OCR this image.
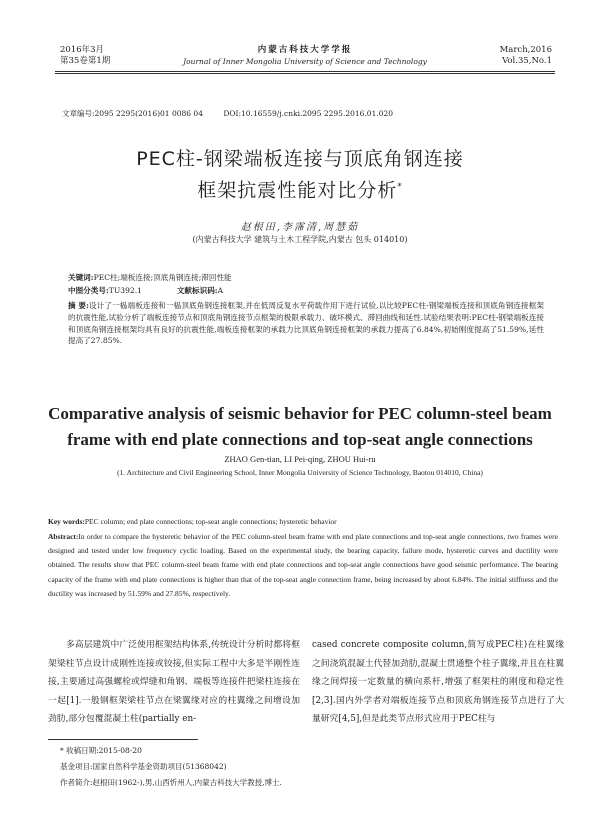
2016年3月
第35卷第1期
内蒙古科技大学学报
Journal of Inner Mongolia University of Science and Technology
March,2016
Vol.35,No.1
文章编号:2095 2295(2016)01 0086 04	DOI:10.16559/j.cnki.2095 2295.2016.01.020
PEC柱-钢梁端板连接与顶底角钢连接
框架抗震性能对比分析*
赵根田,李霈清,周慧茹
(内蒙古科技大学 建筑与土木工程学院,内蒙古 包头 014010)
摘 要:设计了一榀端板连接和一榀顶底角钢连接框架,并在低周反复水平荷载作用下进行试验,以比较PEC柱-钢梁端板连接和顶底角钢连接框架的抗震性能,试验分析了端板连接节点和顶底角钢连接节点框架的极限承载力、破坏模式、滞回曲线和延性.试验结果表明:PEC柱-钢梁端板连接和顶底角钢连接框架均具有良好的抗震性能,端板连接框架的承载力比顶底角钢连接框架的承载力提高了6.84%,初始刚度提高了51.59%,延性提高了27.85%.
关键词:PEC柱;端板连接;顶底角钢连接;滞回性能
中图分类号:TU392.1	文献标识码:A
Comparative analysis of seismic behavior for PEC column-steel beam
frame with end plate connections and top-seat angle connections
ZHAO Gen-tian, LI Pei-qing, ZHOU Hui-ru
(1. Architecture and Civil Engineering School, Inner Mongolia University of Science Technology, Baotou 014010, China)
Key words:PEC column; end plate connections; top-seat angle connections; hysteretic behavior
Abstract:In order to compare the hysteretic behavior of the PEC column-steel beam frame with end plate connections and top-seat angle connections, two frames were designed and tested under low frequency cyclic loading. Based on the experimental study, the bearing capacity, failure mode, hysteretic curves and ductility were obtained. The results show that PEC column-steel beam frame with end plate connections and top-seat angle connections have good seismic performance. The bearing capacity of the frame with end plate connections is higher than that of the top-seat angle connection frame, being increased by about 6.84%. The initial stiffness and the ductility was increased by 51.59% and 27.85%, respectively.
多高层建筑中广泛使用框架结构体系,传统设计分析时都将框架梁柱节点设计成刚性连接或铰接,但实际工程中大多是半刚性连接,主要通过高强螺栓或焊缝和角钢、端板等连接件把梁柱连接在一起[1].一般钢框架梁柱节点在梁翼缘对应的柱翼缘之间增设加劲肋,部分包覆混凝土柱(partially en-
cased concrete composite column,简写成PEC柱)在柱翼缘之间浇筑混凝土代替加劲肋,混凝土贯通整个柱子翼缘,并且在柱翼缘之间焊接一定数量的横向系杆,增强了框架柱的刚度和稳定性[2,3].国内外学者对端板连接节点和顶底角钢连接节点进行了大量研究[4,5],但是此类节点形式应用于PEC柱与
* 收稿日期:2015-08-20
基金项目:国家自然科学基金资助项目(51368042)
作者简介:赵根田(1962-),男,山西忻州人,内蒙古科技大学教授,博士.
